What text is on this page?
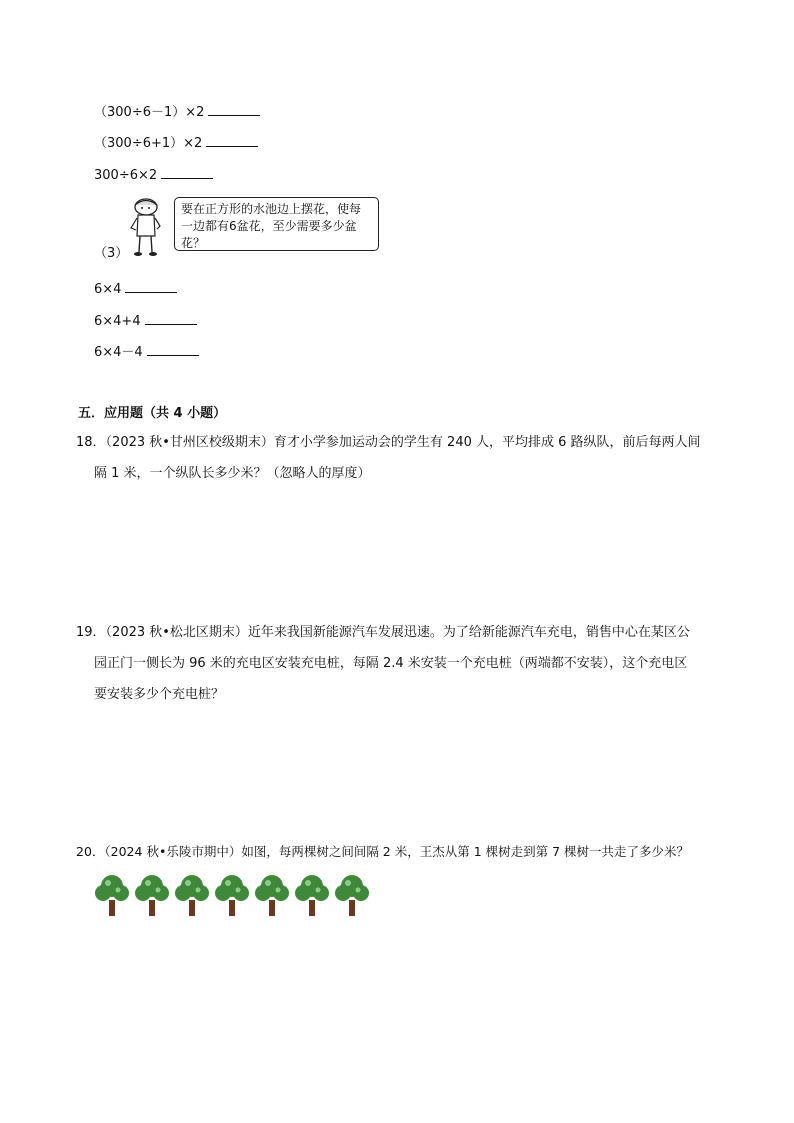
（300÷6－1）×2
（300÷6+1）×2
300÷6×2
要在正方形的水池边上摆花，使每一边都有6盆花，至少需要多少盆花？
（3）
6×4
6×4+4
6×4－4
五．应用题（共 4 小题）
18．（2023 秋•甘州区校级期末）育才小学参加运动会的学生有 240 人，平均排成 6 路纵队，前后每两人间
隔 1 米，一个纵队长多少米？（忽略人的厚度）
19．（2023 秋•松北区期末）近年来我国新能源汽车发展迅速。为了给新能源汽车充电，销售中心在某区公
园正门一侧长为 96 米的充电区安装充电桩，每隔 2.4 米安装一个充电桩（两端都不安装），这个充电区
要安装多少个充电桩？
20．（2024 秋•乐陵市期中）如图，每两棵树之间间隔 2 米，王杰从第 1 棵树走到第 7 棵树一共走了多少米？
